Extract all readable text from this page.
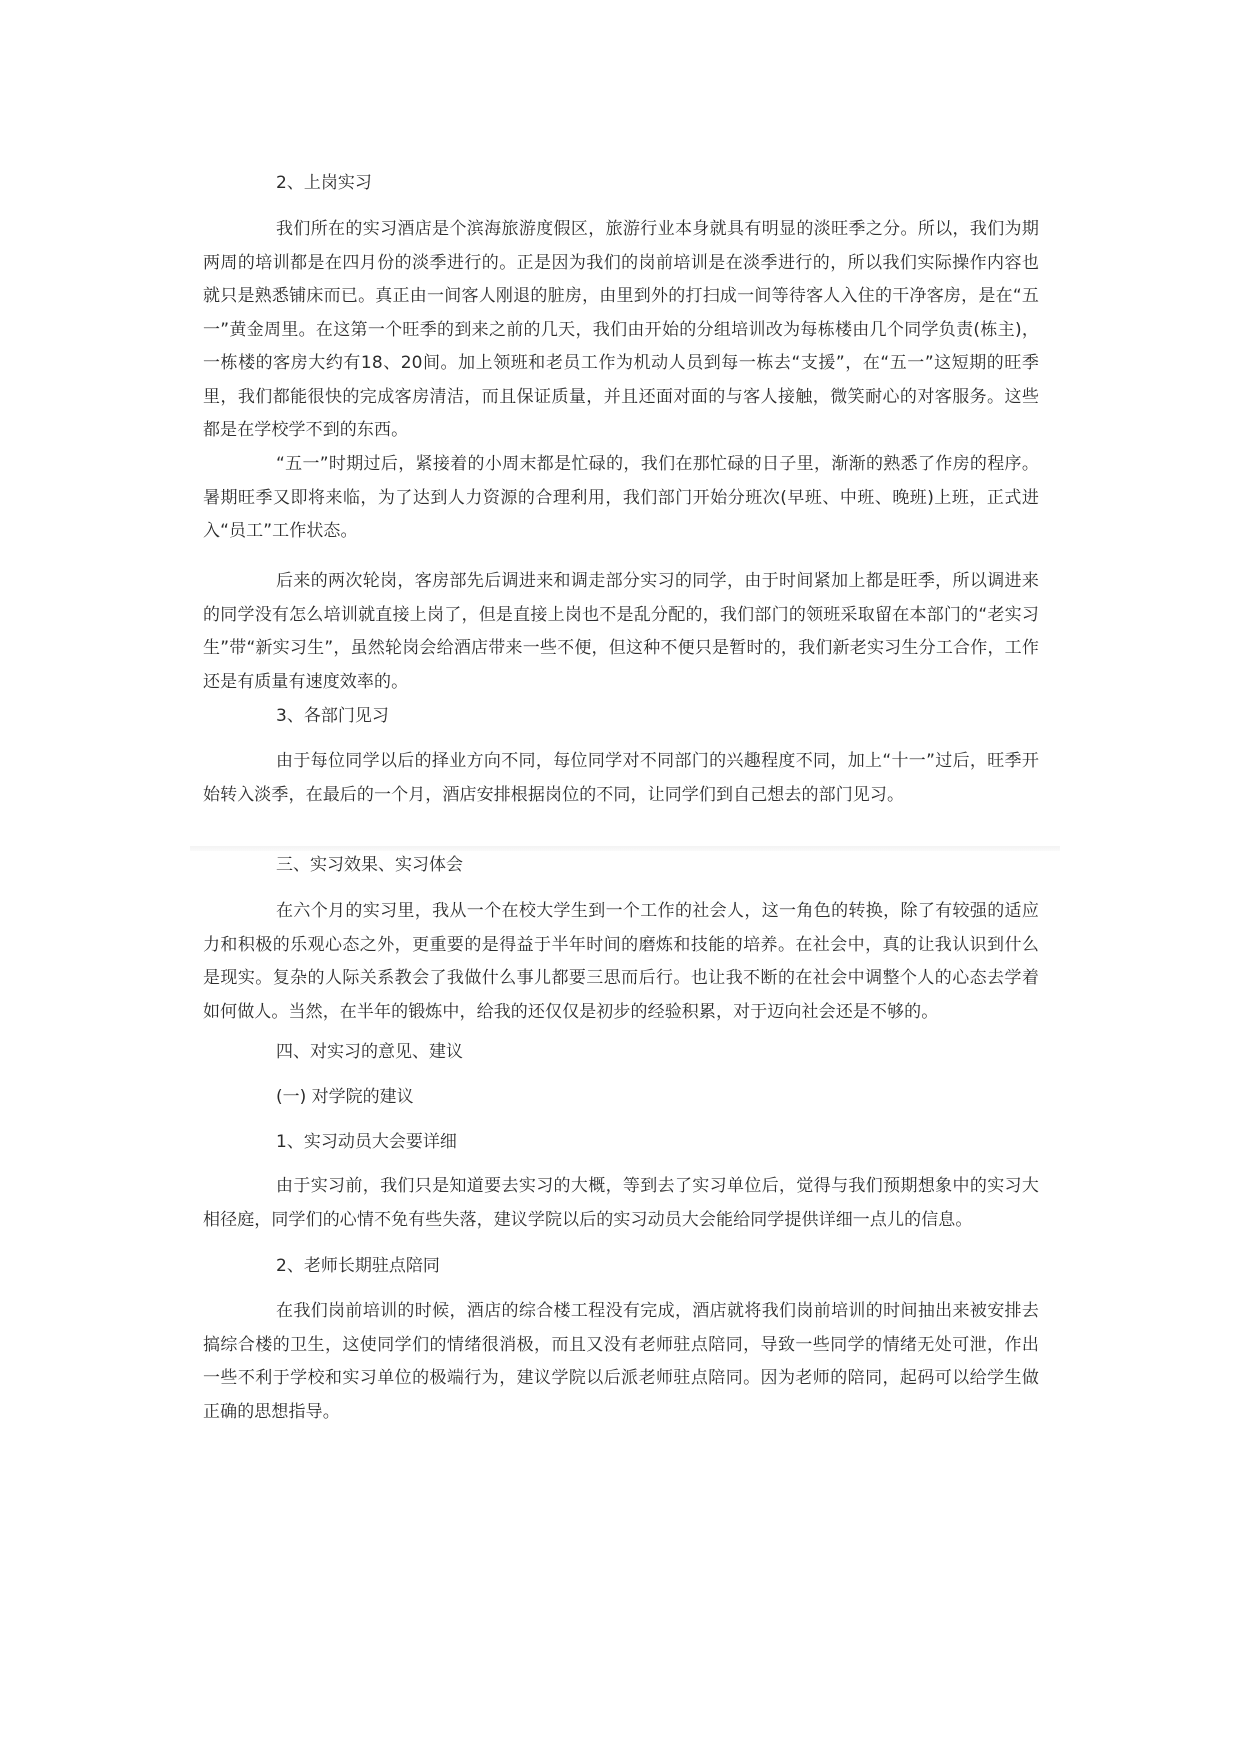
2、上岗实习
我们所在的实习酒店是个滨海旅游度假区，旅游行业本身就具有明显的淡旺季之分。所以，我们为期两周的培训都是在四月份的淡季进行的。正是因为我们的岗前培训是在淡季进行的，所以我们实际操作内容也就只是熟悉铺床而已。真正由一间客人刚退的脏房，由里到外的打扫成一间等待客人入住的干净客房，是在“五一”黄金周里。在这第一个旺季的到来之前的几天，我们由开始的分组培训改为每栋楼由几个同学负责(栋主)，一栋楼的客房大约有18、20间。加上领班和老员工作为机动人员到每一栋去“支援”，在“五一”这短期的旺季里，我们都能很快的完成客房清洁，而且保证质量，并且还面对面的与客人接触，微笑耐心的对客服务。这些都是在学校学不到的东西。
“五一”时期过后，紧接着的小周末都是忙碌的，我们在那忙碌的日子里，渐渐的熟悉了作房的程序。暑期旺季又即将来临，为了达到人力资源的合理利用，我们部门开始分班次(早班、中班、晚班)上班，正式进入“员工”工作状态。
后来的两次轮岗，客房部先后调进来和调走部分实习的同学，由于时间紧加上都是旺季，所以调进来的同学没有怎么培训就直接上岗了，但是直接上岗也不是乱分配的，我们部门的领班采取留在本部门的“老实习生”带“新实习生”，虽然轮岗会给酒店带来一些不便，但这种不便只是暂时的，我们新老实习生分工合作，工作还是有质量有速度效率的。
3、各部门见习
由于每位同学以后的择业方向不同，每位同学对不同部门的兴趣程度不同，加上“十一”过后，旺季开始转入淡季，在最后的一个月，酒店安排根据岗位的不同，让同学们到自己想去的部门见习。
三、实习效果、实习体会
在六个月的实习里，我从一个在校大学生到一个工作的社会人，这一角色的转换，除了有较强的适应力和积极的乐观心态之外，更重要的是得益于半年时间的磨炼和技能的培养。在社会中，真的让我认识到什么是现实。复杂的人际关系教会了我做什么事儿都要三思而后行。也让我不断的在社会中调整个人的心态去学着如何做人。当然，在半年的锻炼中，给我的还仅仅是初步的经验积累，对于迈向社会还是不够的。
四、对实习的意见、建议
(一) 对学院的建议
1、实习动员大会要详细
由于实习前，我们只是知道要去实习的大概，等到去了实习单位后，觉得与我们预期想象中的实习大相径庭，同学们的心情不免有些失落，建议学院以后的实习动员大会能给同学提供详细一点儿的信息。
2、老师长期驻点陪同
在我们岗前培训的时候，酒店的综合楼工程没有完成，酒店就将我们岗前培训的时间抽出来被安排去搞综合楼的卫生，这使同学们的情绪很消极，而且又没有老师驻点陪同，导致一些同学的情绪无处可泄，作出一些不利于学校和实习单位的极端行为，建议学院以后派老师驻点陪同。因为老师的陪同，起码可以给学生做正确的思想指导。
